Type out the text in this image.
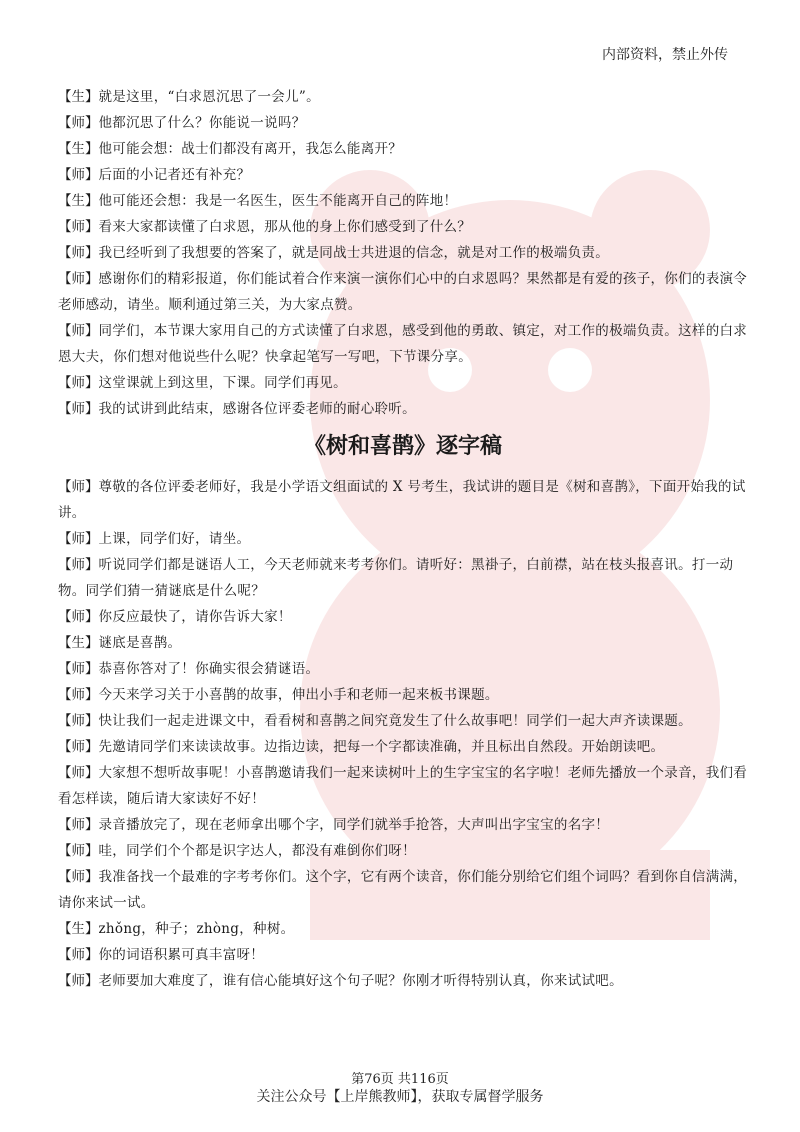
内部资料，禁止外传

【生】就是这里，“白求恩沉思了一会儿”。

【师】他都沉思了什么？你能说一说吗？

【生】他可能会想：战士们都没有离开，我怎么能离开？

【师】后面的小记者还有补充？

【生】他可能还会想：我是一名医生，医生不能离开自己的阵地！

【师】看来大家都读懂了白求恩，那从他的身上你们感受到了什么？

【师】我已经听到了我想要的答案了，就是同战士共进退的信念，就是对工作的极端负责。

【师】感谢你们的精彩报道，你们能试着合作来演一演你们心中的白求恩吗？果然都是有爱的孩子，你们的表演令老师感动，请坐。顺利通过第三关，为大家点赞。

【师】同学们，本节课大家用自己的方式读懂了白求恩，感受到他的勇敢、镇定，对工作的极端负责。这样的白求恩大夫，你们想对他说些什么呢？快拿起笔写一写吧，下节课分享。

【师】这堂课就上到这里，下课。同学们再见。

【师】我的试讲到此结束，感谢各位评委老师的耐心聆听。

《树和喜鹊》逐字稿

【师】尊敬的各位评委老师好，我是小学语文组面试的 X 号考生，我试讲的题目是《树和喜鹊》，下面开始我的试讲。

【师】上课，同学们好，请坐。

【师】听说同学们都是谜语人工，今天老师就来考考你们。请听好：黑褂子，白前襟，站在枝头报喜讯。打一动物。同学们猜一猜谜底是什么呢？

【师】你反应最快了，请你告诉大家！

【生】谜底是喜鹊。

【师】恭喜你答对了！你确实很会猜谜语。

【师】今天来学习关于小喜鹊的故事，伸出小手和老师一起来板书课题。

【师】快让我们一起走进课文中，看看树和喜鹊之间究竟发生了什么故事吧！同学们一起大声齐读课题。

【师】先邀请同学们来读读故事。边指边读，把每一个字都读准确，并且标出自然段。开始朗读吧。

【师】大家想不想听故事呢！小喜鹊邀请我们一起来读树叶上的生字宝宝的名字啦！老师先播放一个录音，我们看看怎样读，随后请大家读好不好！

【师】录音播放完了，现在老师拿出哪个字，同学们就举手抢答，大声叫出字宝宝的名字！

【师】哇，同学们个个都是识字达人，都没有难倒你们呀！

【师】我准备找一个最难的字考考你们。这个字，它有两个读音，你们能分别给它们组个词吗？看到你自信满满，请你来试一试。

【生】zhǒng，种子；zhòng，种树。

【师】你的词语积累可真丰富呀！

【师】老师要加大难度了，谁有信心能填好这个句子呢？你刚才听得特别认真，你来试试吧。

第76页 共116页
关注公众号【上岸熊教师】，获取专属督学服务
